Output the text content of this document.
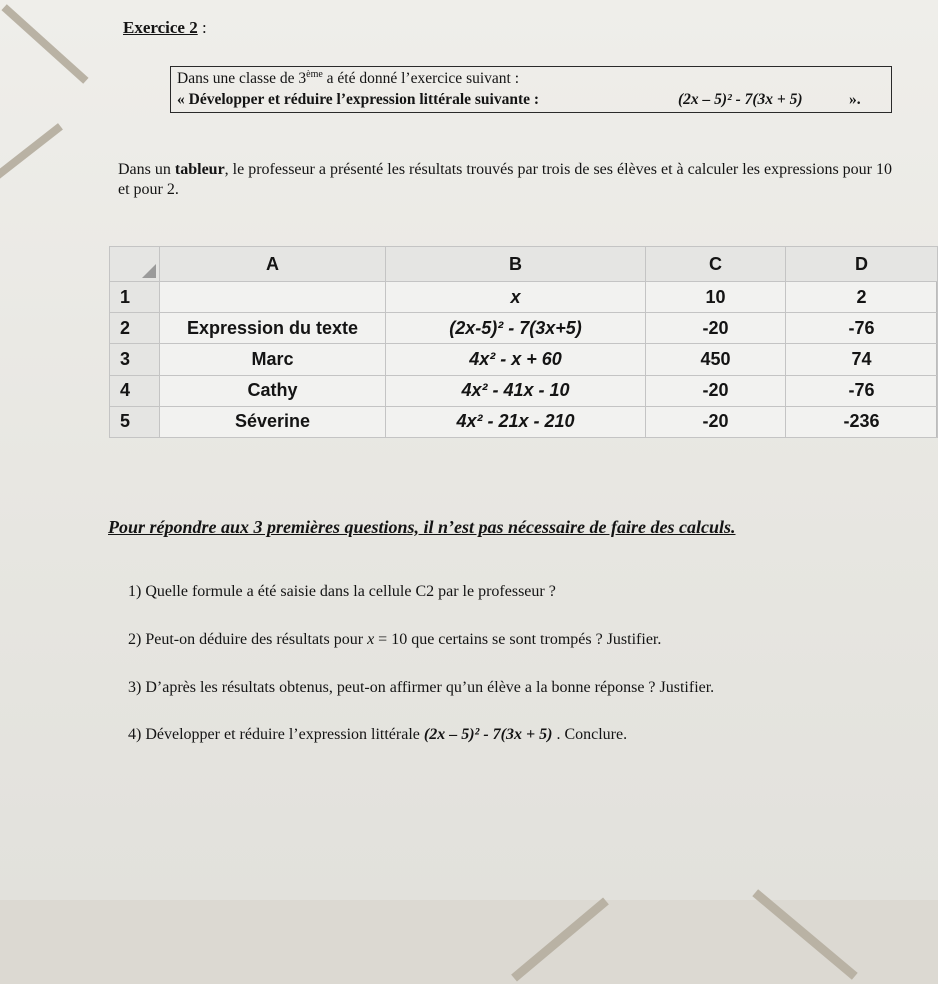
Exercice 2 :
Dans une classe de 3ème a été donné l’exercice suivant :
« Développer et réduire l’expression littérale suivante :	(2x – 5)² - 7(3x + 5)	».
Dans un tableur, le professeur a présenté les résultats trouvés par trois de ses élèves et à calculer les expressions pour 10 et pour 2.
	A	B	C	D
1		x	10	2
2	Expression du texte	(2x-5)² - 7(3x+5)	-20	-76
3	Marc	4x² - x + 60	450	74
4	Cathy	4x² - 41x - 10	-20	-76
5	Séverine	4x² - 21x - 210	-20	-236
Pour répondre aux 3 premières questions, il n’est pas nécessaire de faire des calculs.
1) Quelle formule a été saisie dans la cellule C2 par le professeur ?
2) Peut-on déduire des résultats pour x = 10 que certains se sont trompés ? Justifier.
3) D’après les résultats obtenus, peut-on affirmer qu’un élève a la bonne réponse ? Justifier.
4) Développer et réduire l’expression littérale (2x – 5)² - 7(3x + 5) . Conclure.
